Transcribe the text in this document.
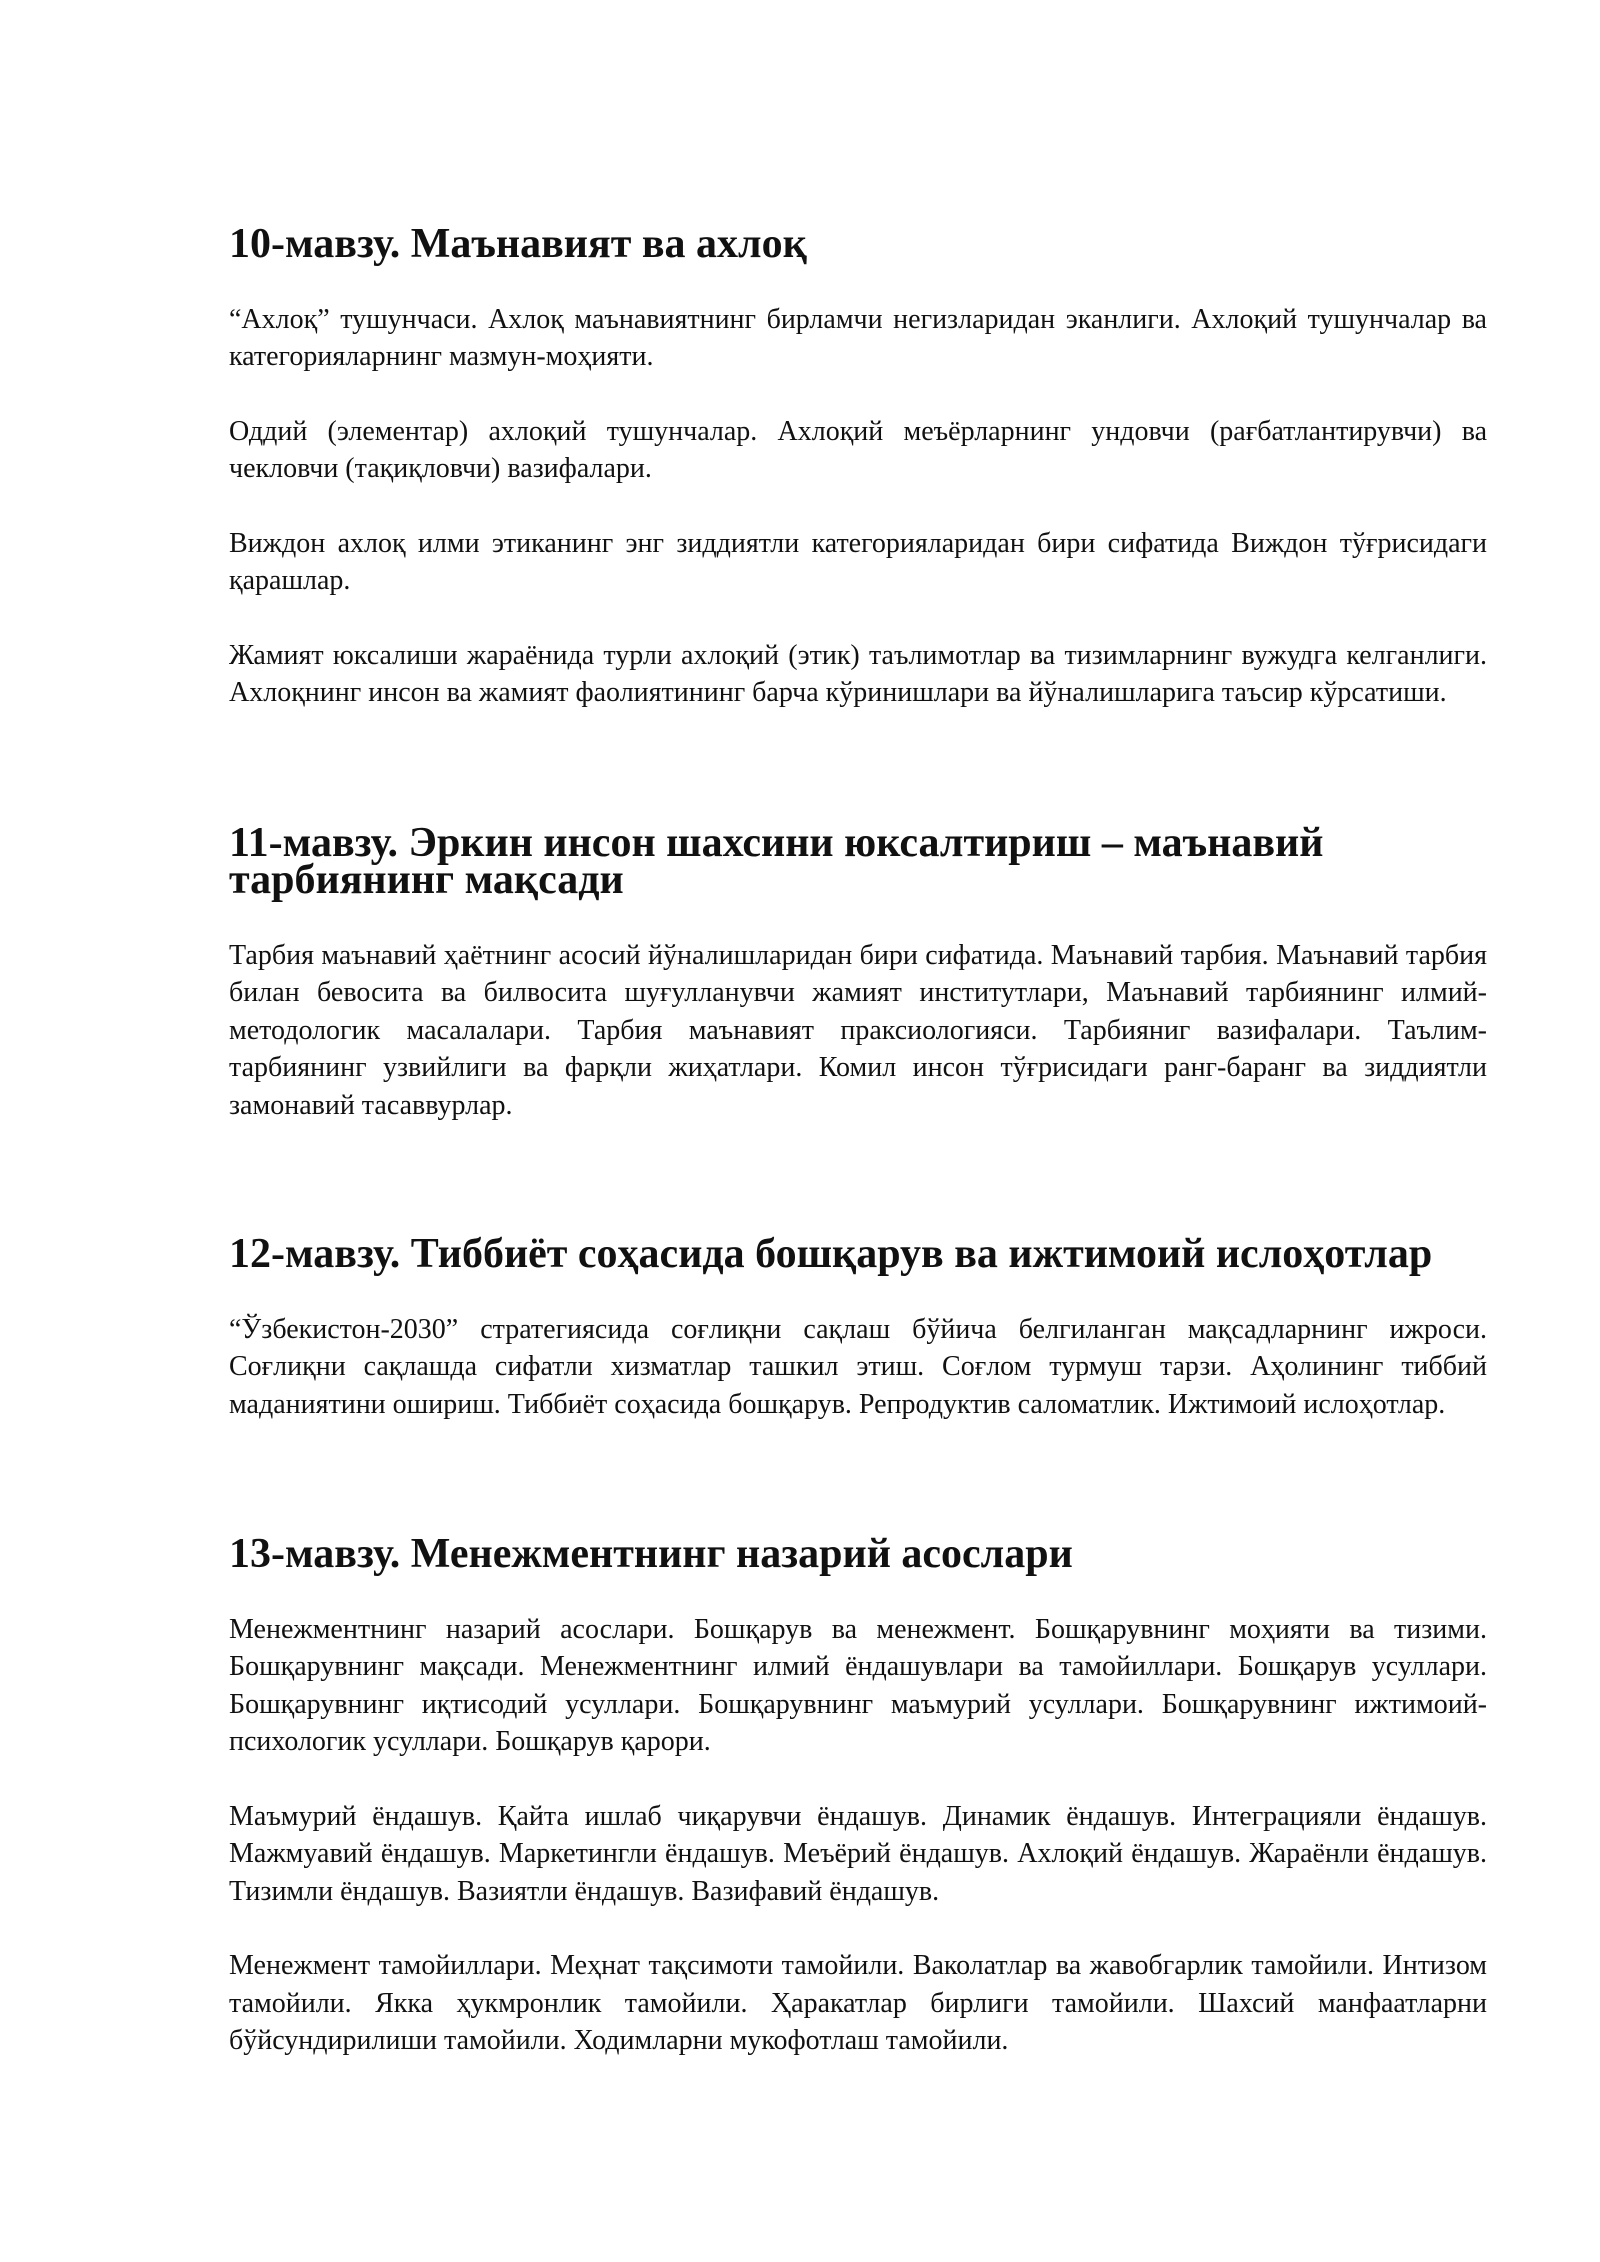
10-мавзу. Маънавият ва ахлоқ

“Ахлоқ” тушунчаси. Ахлоқ маънавиятнинг бирламчи негизларидан эканлиги. Ахлоқий тушунчалар ва категорияларнинг мазмун-моҳияти.

Оддий (элементар) ахлоқий тушунчалар. Ахлоқий меъёрларнинг ундовчи (рағбатлантирувчи) ва чекловчи (тақиқловчи) вазифалари.

Виждон ахлоқ илми этиканинг энг зиддиятли категорияларидан бири сифатида Виждон тўғрисидаги қарашлар.

Жамият юксалиши жараёнида турли ахлоқий (этик) таълимотлар ва тизимларнинг вужудга келганлиги. Ахлоқнинг инсон ва жамият фаолиятининг барча кўринишлари ва йўналишларига таъсир кўрсатиши.

11-мавзу. Эркин инсон шахсини юксалтириш – маънавий тарбиянинг мақсади

Тарбия маънавий ҳаётнинг асосий йўналишларидан бири сифатида. Маънавий тарбия. Маънавий тарбия билан бевосита ва билвосита шуғулланувчи жамият институтлари, Маънавий тарбиянинг илмий-методологик масалалари. Тарбия маънавият праксиологияси. Тарбияниг вазифалари. Таълим-тарбиянинг узвийлиги ва фарқли жиҳатлари. Комил инсон тўғрисидаги ранг-баранг ва зиддиятли замонавий тасаввурлар.

12-мавзу. Тиббиёт соҳасида бошқарув ва ижтимоий ислоҳотлар

“Ўзбекистон-2030” стратегиясида соғлиқни сақлаш бўйича белгиланган мақсадларнинг ижроси. Соғлиқни сақлашда сифатли хизматлар ташкил этиш. Соғлом турмуш тарзи. Аҳолининг тиббий маданиятини ошириш. Тиббиёт соҳасида бошқарув. Репродуктив саломатлик. Ижтимоий ислоҳотлар.

13-мавзу. Менежментнинг назарий асослари

Менежментнинг назарий асослари. Бошқарув ва менежмент. Бошқарувнинг моҳияти ва тизими. Бошқарувнинг мақсади. Менежментнинг илмий ёндашувлари ва тамойиллари. Бошқарув усуллари. Бошқарувнинг иқтисодий усуллари. Бошқарувнинг маъмурий усуллари. Бошқарувнинг ижтимоий-психологик усуллари. Бошқарув қарори.

Маъмурий ёндашув. Қайта ишлаб чиқарувчи ёндашув. Динамик ёндашув. Интеграцияли ёндашув. Мажмуавий ёндашув. Маркетингли ёндашув. Меъёрий ёндашув. Ахлоқий ёндашув. Жараёнли ёндашув. Тизимли ёндашув. Вазиятли ёндашув. Вазифавий ёндашув.

Менежмент тамойиллари. Меҳнат тақсимоти тамойили. Ваколатлар ва жавобгарлик тамойили. Интизом тамойили. Якка ҳукмронлик тамойили. Ҳаракатлар бирлиги тамойили. Шахсий манфаатларни бўйсундирилиши тамойили. Ходимларни мукофотлаш тамойили.
